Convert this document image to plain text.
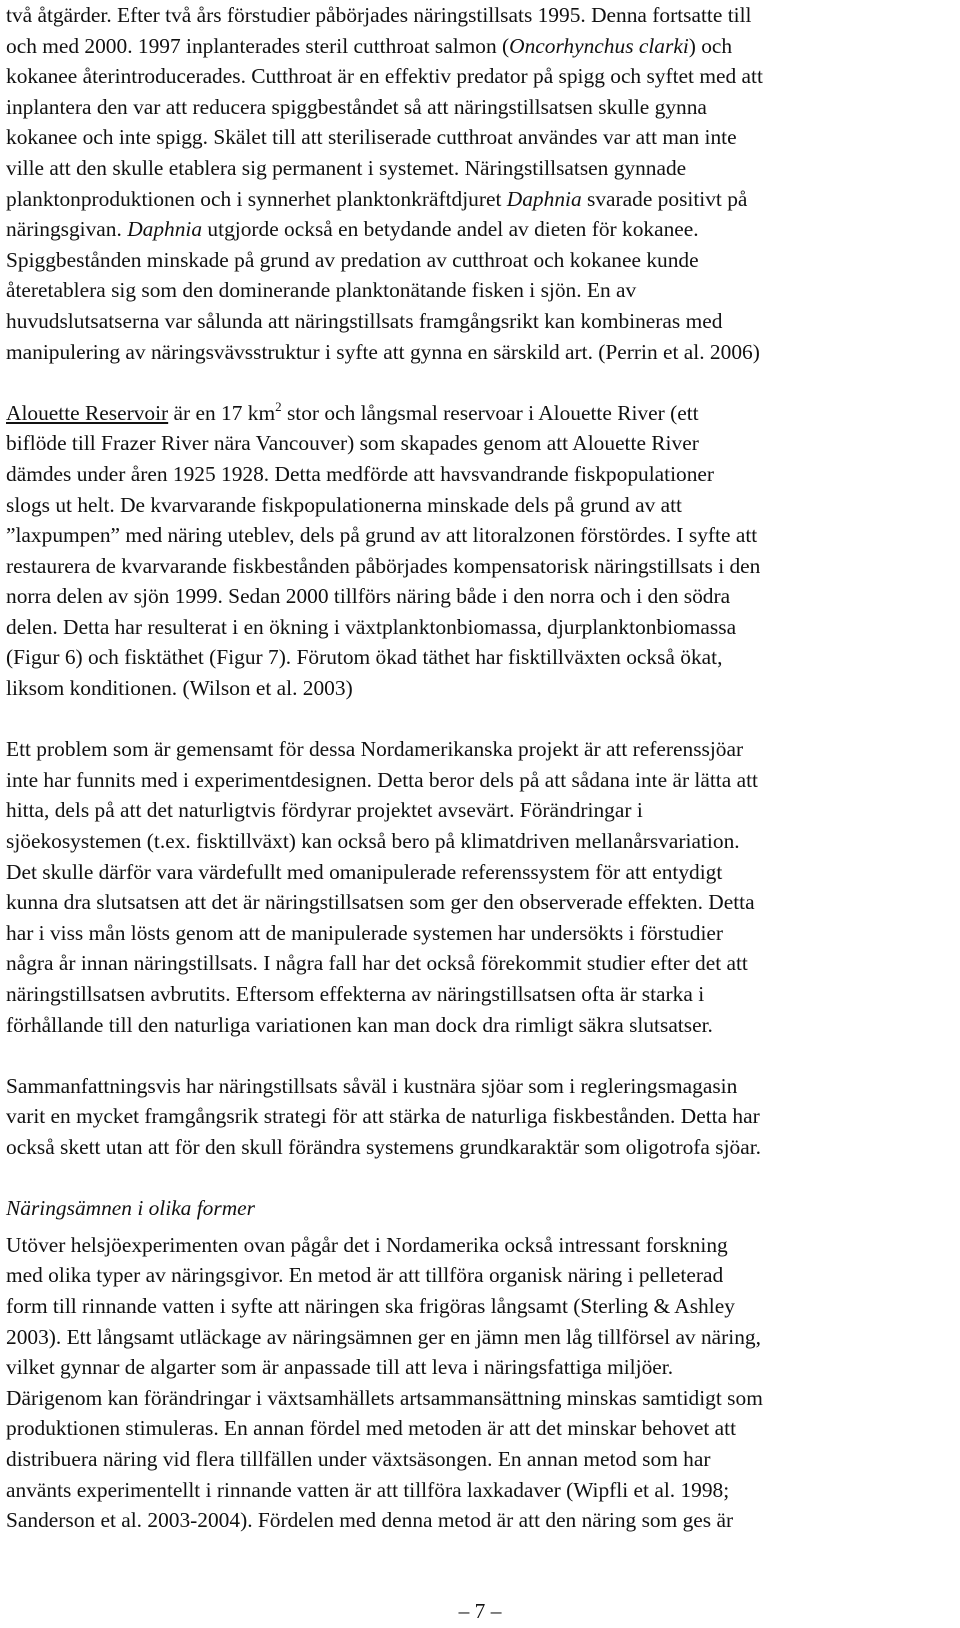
två åtgärder. Efter två års förstudier påbörjades näringstillsats 1995. Denna fortsatte till
och med 2000. 1997 inplanterades steril cutthroat salmon (Oncorhynchus clarki) och
kokanee återintroducerades. Cutthroat är en effektiv predator på spigg och syftet med att
inplantera den var att reducera spiggbeståndet så att näringstillsatsen skulle gynna
kokanee och inte spigg. Skälet till att steriliserade cutthroat användes var att man inte
ville att den skulle etablera sig permanent i systemet. Näringstillsatsen gynnade
planktonproduktionen och i synnerhet planktonkräftdjuret Daphnia svarade positivt på
näringsgivan. Daphnia utgjorde också en betydande andel av dieten för kokanee.
Spiggbestånden minskade på grund av predation av cutthroat och kokanee kunde
återetablera sig som den dominerande planktonätande fisken i sjön. En av
huvudslutsatserna var sålunda att näringstillsats framgångsrikt kan kombineras med
manipulering av näringsvävsstruktur i syfte att gynna en särskild art. (Perrin et al. 2006)
Alouette Reservoir är en 17 $km^2$ stor och långsmal reservoar i Alouette River (ett
biflöde till Frazer River nära Vancouver) som skapades genom att Alouette River
dämdes under åren 1925 1928. Detta medförde att havsvandrande fiskpopulationer
slogs ut helt. De kvarvarande fiskpopulationerna minskade dels på grund av att
”laxpumpen” med näring uteblev, dels på grund av att litoralzonen förstördes. I syfte att
restaurera de kvarvarande fiskbestånden påbörjades kompensatorisk näringstillsats i den
norra delen av sjön 1999. Sedan 2000 tillförs näring både i den norra och i den södra
delen. Detta har resulterat i en ökning i växtplanktonbiomassa, djurplanktonbiomassa
(Figur 6) och fisktäthet (Figur 7). Förutom ökad täthet har fisktillväxten också ökat,
liksom konditionen. (Wilson et al. 2003)
Ett problem som är gemensamt för dessa Nordamerikanska projekt är att referenssjöar
inte har funnits med i experimentdesignen. Detta beror dels på att sådana inte är lätta att
hitta, dels på att det naturligtvis fördyrar projektet avsevärt. Förändringar i
sjöekosystemen (t.ex. fisktillväxt) kan också bero på klimatdriven mellanårsvariation.
Det skulle därför vara värdefullt med omanipulerade referenssystem för att entydigt
kunna dra slutsatsen att det är näringstillsatsen som ger den observerade effekten. Detta
har i viss mån lösts genom att de manipulerade systemen har undersökts i förstudier
några år innan näringstillsats. I några fall har det också förekommit studier efter det att
näringstillsatsen avbrutits. Eftersom effekterna av näringstillsatsen ofta är starka i
förhållande till den naturliga variationen kan man dock dra rimligt säkra slutsatser.
Sammanfattningsvis har näringstillsats såväl i kustnära sjöar som i regleringsmagasin
varit en mycket framgångsrik strategi för att stärka de naturliga fiskbestånden. Detta har
också skett utan att för den skull förändra systemens grundkaraktär som oligotrofa sjöar.
Näringsämnen i olika former
Utöver helsjöexperimenten ovan pågår det i Nordamerika också intressant forskning
med olika typer av näringsgivor. En metod är att tillföra organisk näring i pelleterad
form till rinnande vatten i syfte att näringen ska frigöras långsamt (Sterling & Ashley
2003). Ett långsamt utläckage av näringsämnen ger en jämn men låg tillförsel av näring,
vilket gynnar de algarter som är anpassade till att leva i näringsfattiga miljöer.
Därigenom kan förändringar i växtsamhällets artsammansättning minskas samtidigt som
produktionen stimuleras. En annan fördel med metoden är att det minskar behovet att
distribuera näring vid flera tillfällen under växtsäsongen. En annan metod som har
använts experimentellt i rinnande vatten är att tillföra laxkadaver (Wipfli et al. 1998;
Sanderson et al. 2003-2004). Fördelen med denna metod är att den näring som ges är
– 7 –
